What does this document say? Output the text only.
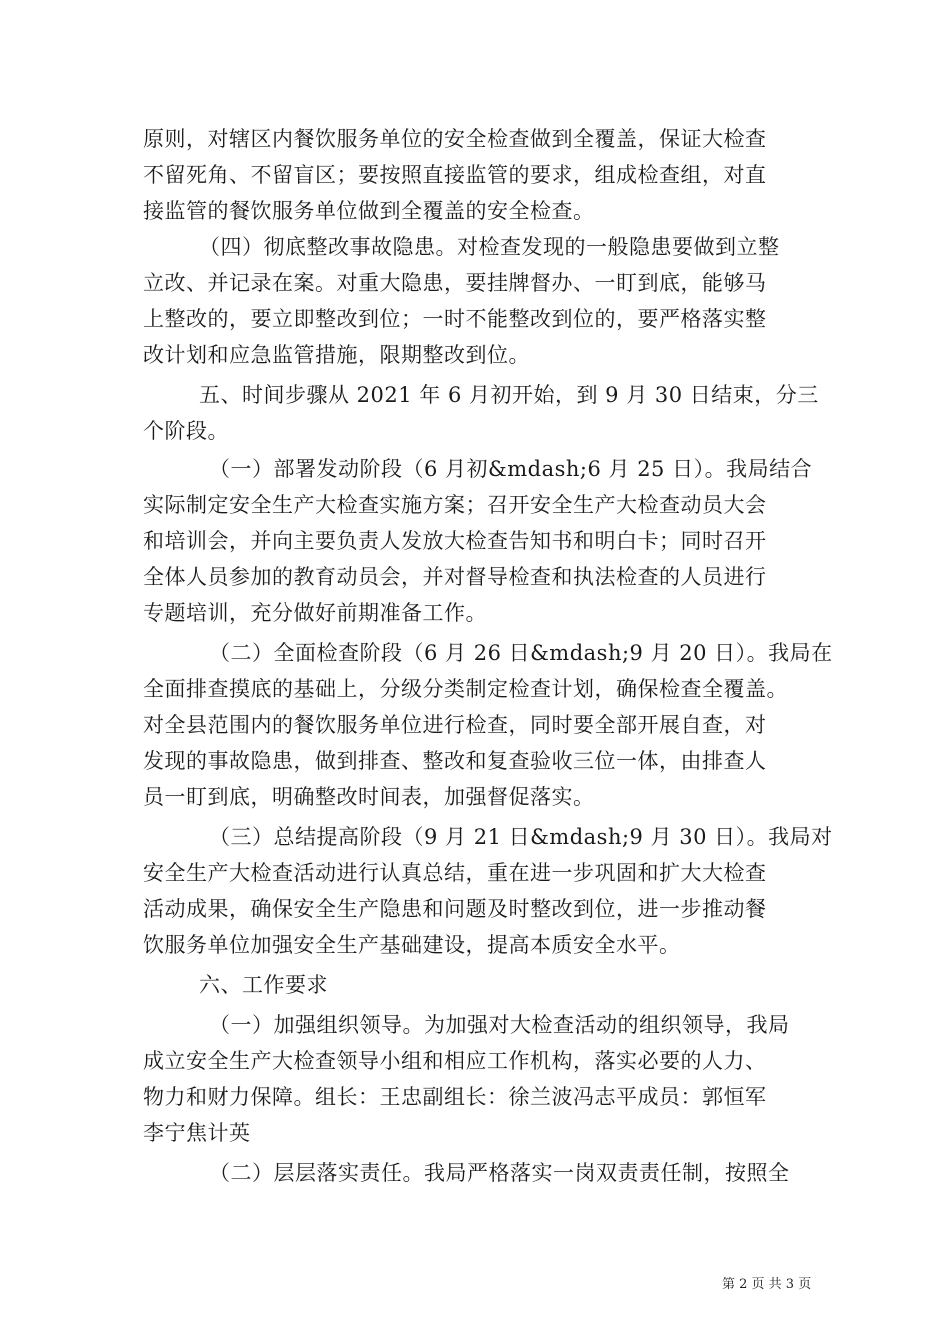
原则，对辖区内餐饮服务单位的安全检查做到全覆盖，保证大检查
不留死角、不留盲区；要按照直接监管的要求，组成检查组，对直
接监管的餐饮服务单位做到全覆盖的安全检查。
（四）彻底整改事故隐患。对检查发现的一般隐患要做到立整
立改、并记录在案。对重大隐患，要挂牌督办、一盯到底，能够马
上整改的，要立即整改到位；一时不能整改到位的，要严格落实整
改计划和应急监管措施，限期整改到位。
五、时间步骤从 2021 年 6 月初开始，到 9 月 30 日结束，分三
个阶段。
（一）部署发动阶段（6 月初&mdash;6 月 25 日）。我局结合
实际制定安全生产大检查实施方案；召开安全生产大检查动员大会
和培训会，并向主要负责人发放大检查告知书和明白卡；同时召开
全体人员参加的教育动员会，并对督导检查和执法检查的人员进行
专题培训，充分做好前期准备工作。
（二）全面检查阶段（6 月 26 日&mdash;9 月 20 日）。我局在
全面排查摸底的基础上，分级分类制定检查计划，确保检查全覆盖。
对全县范围内的餐饮服务单位进行检查，同时要全部开展自查，对
发现的事故隐患，做到排查、整改和复查验收三位一体，由排查人
员一盯到底，明确整改时间表，加强督促落实。
（三）总结提高阶段（9 月 21 日&mdash;9 月 30 日）。我局对
安全生产大检查活动进行认真总结，重在进一步巩固和扩大大检查
活动成果，确保安全生产隐患和问题及时整改到位，进一步推动餐
饮服务单位加强安全生产基础建设，提高本质安全水平。
六、工作要求
（一）加强组织领导。为加强对大检查活动的组织领导，我局
成立安全生产大检查领导小组和相应工作机构，落实必要的人力、
物力和财力保障。组长：王忠副组长：徐兰波冯志平成员：郭恒军
李宁焦计英
（二）层层落实责任。我局严格落实一岗双责责任制，按照全
第 2 页 共 3 页
